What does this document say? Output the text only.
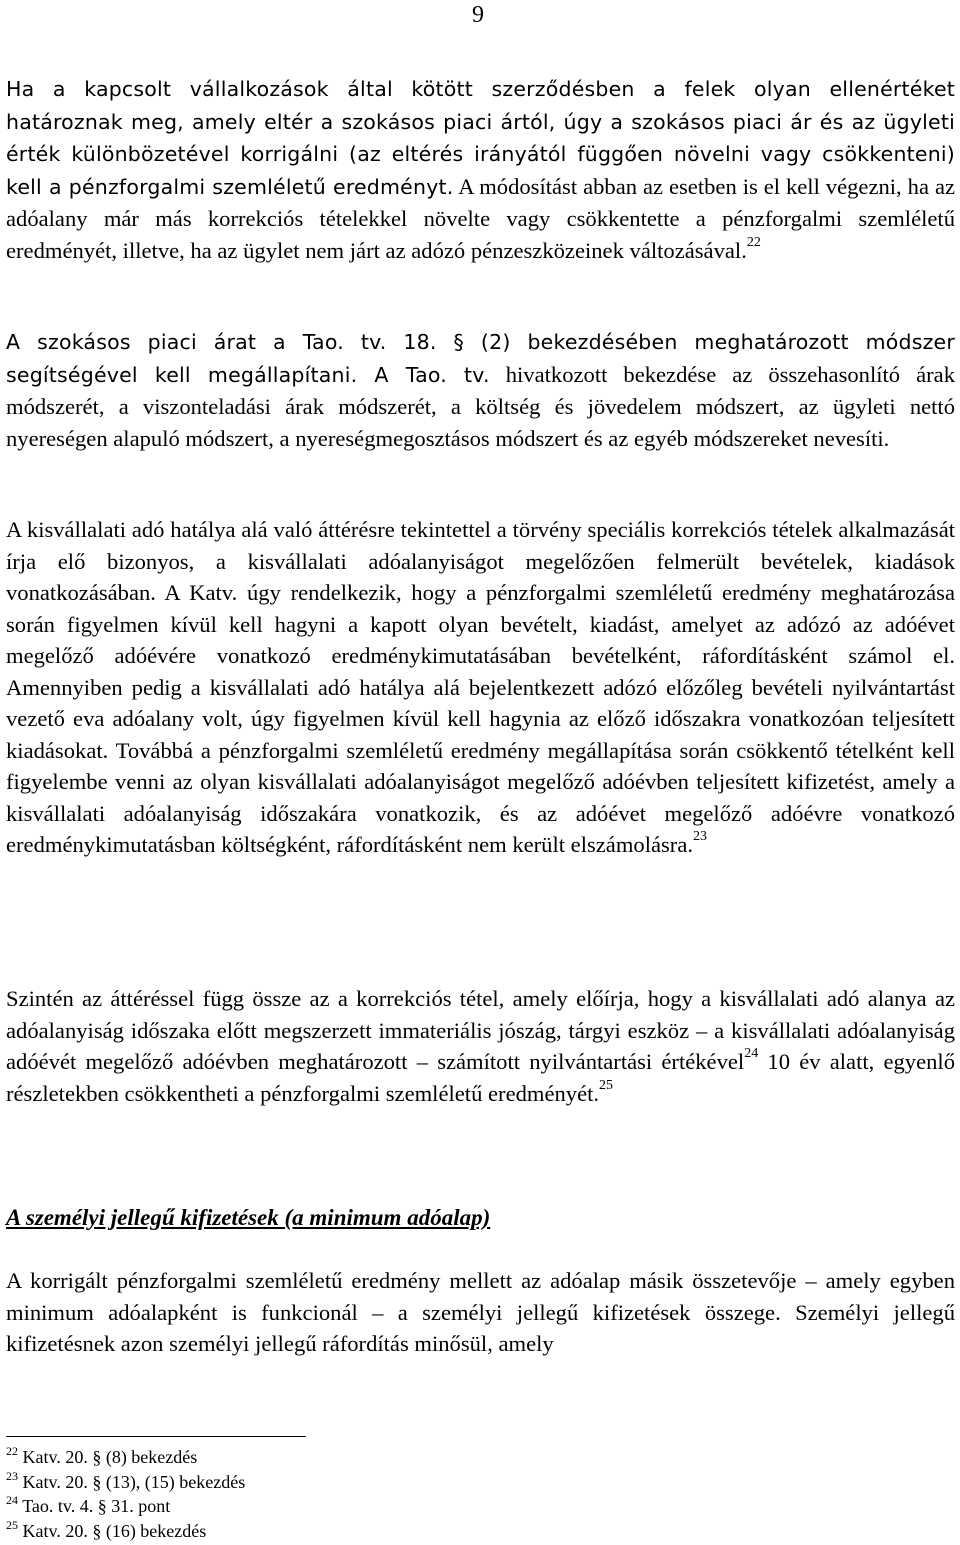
9

Ha a kapcsolt vállalkozások által kötött szerződésben a felek olyan ellenértéket határoznak meg, amely eltér a szokásos piaci ártól, úgy a szokásos piaci ár és az ügyleti érték különbözetével korrigálni (az eltérés irányától függően növelni vagy csökkenteni) kell a pénzforgalmi szemléletű eredményt. A módosítást abban az esetben is el kell végezni, ha az adóalany már más korrekciós tételekkel növelte vagy csökkentette a pénzforgalmi szemléletű eredményét, illetve, ha az ügylet nem járt az adózó pénzeszközeinek változásával.$^{22}$

A szokásos piaci árat a Tao. tv. 18. § (2) bekezdésében meghatározott módszer segítségével kell megállapítani. A Tao. tv. hivatkozott bekezdése az összehasonlító árak módszerét, a viszonteladási árak módszerét, a költség és jövedelem módszert, az ügyleti nettó nyereségen alapuló módszert, a nyereségmegosztásos módszert és az egyéb módszereket nevesíti.

A kisvállalati adó hatálya alá való áttérésre tekintettel a törvény speciális korrekciós tételek alkalmazását írja elő bizonyos, a kisvállalati adóalanyiságot megelőzően felmerült bevételek, kiadások vonatkozásában. A Katv. úgy rendelkezik, hogy a pénzforgalmi szemléletű eredmény meghatározása során figyelmen kívül kell hagyni a kapott olyan bevételt, kiadást, amelyet az adózó az adóévet megelőző adóévére vonatkozó eredménykimutatásában bevételként, ráfordításként számol el. Amennyiben pedig a kisvállalati adó hatálya alá bejelentkezett adózó előzőleg bevételi nyilvántartást vezető eva adóalany volt, úgy figyelmen kívül kell hagynia az előző időszakra vonatkozóan teljesített kiadásokat. Továbbá a pénzforgalmi szemléletű eredmény megállapítása során csökkentő tételként kell figyelembe venni az olyan kisvállalati adóalanyiságot megelőző adóévben teljesített kifizetést, amely a kisvállalati adóalanyiság időszakára vonatkozik, és az adóévet megelőző adóévre vonatkozó eredménykimutatásban költségként, ráfordításként nem került elszámolásra.$^{23}$

Szintén az áttéréssel függ össze az a korrekciós tétel, amely előírja, hogy a kisvállalati adó alanya az adóalanyiság időszaka előtt megszerzett immateriális jószág, tárgyi eszköz – a kisvállalati adóalanyiság adóévét megelőző adóévben meghatározott – számított nyilvántartási értékével$^{24}$ 10 év alatt, egyenlő részletekben csökkentheti a pénzforgalmi szemléletű eredményét.$^{25}$

A személyi jellegű kifizetések (a minimum adóalap)

A korrigált pénzforgalmi szemléletű eredmény mellett az adóalap másik összetevője – amely egyben minimum adóalapként is funkcionál – a személyi jellegű kifizetések összege. Személyi jellegű kifizetésnek azon személyi jellegű ráfordítás minősül, amely

$^{22}$ Katv. 20. § (8) bekezdés
$^{23}$ Katv. 20. § (13), (15) bekezdés
$^{24}$ Tao. tv. 4. § 31. pont
$^{25}$ Katv. 20. § (16) bekezdés
